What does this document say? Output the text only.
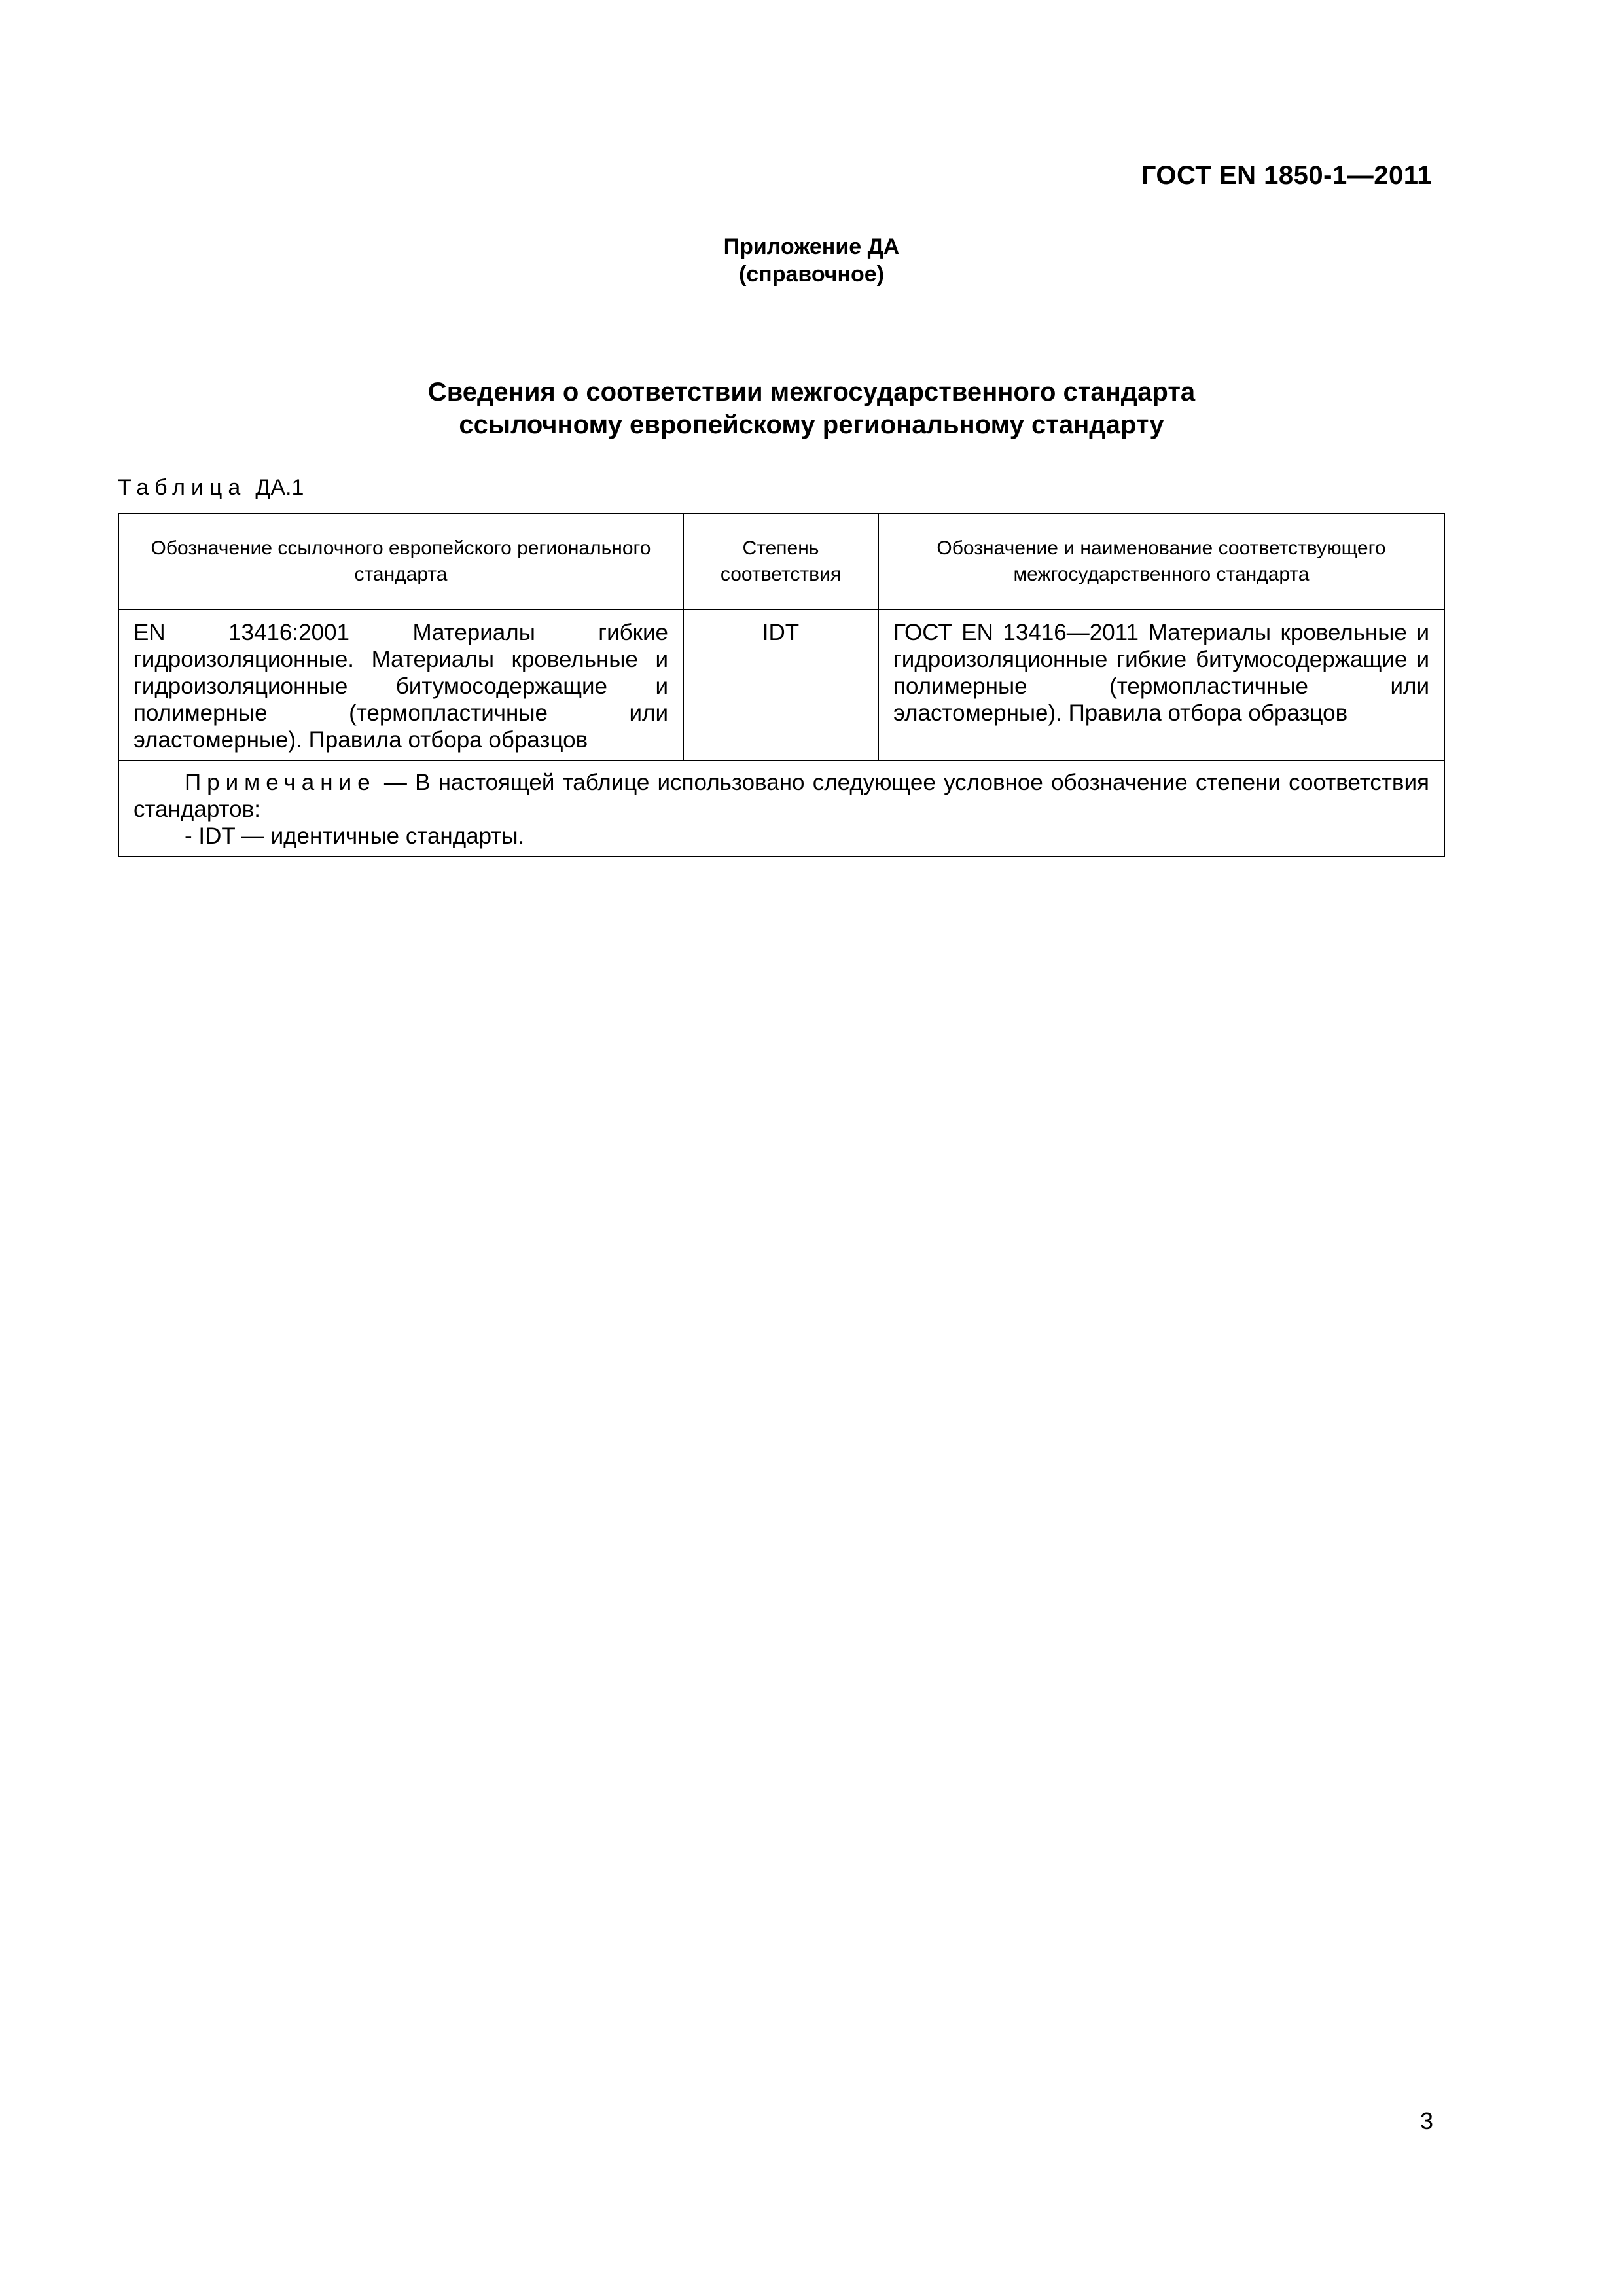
ГОСТ EN 1850-1—2011
Приложение ДА
(справочное)
Сведения о соответствии межгосударственного стандарта
ссылочному европейскому региональному стандарту
Таблица ДА.1
Обозначение ссылочного европейского регионального стандарта	Степень соответствия	Обозначение и наименование соответствующего межгосударственного стандарта
EN 13416:2001 Материалы гибкие гидроизоляционные. Материалы кровельные и гидроизоляционные битумосодержащие и полимерные (термопластичные или эластомерные). Правила отбора образцов	IDT	ГОСТ EN 13416—2011 Материалы кровельные и гидроизоляционные гибкие битумосодержащие и полимерные (термопластичные или эластомерные). Правила отбора образцов

Примечание — В настоящей таблице использовано следующее условное обозначение степени соответствия стандартов:
- IDT — идентичные стандарты.		
3
